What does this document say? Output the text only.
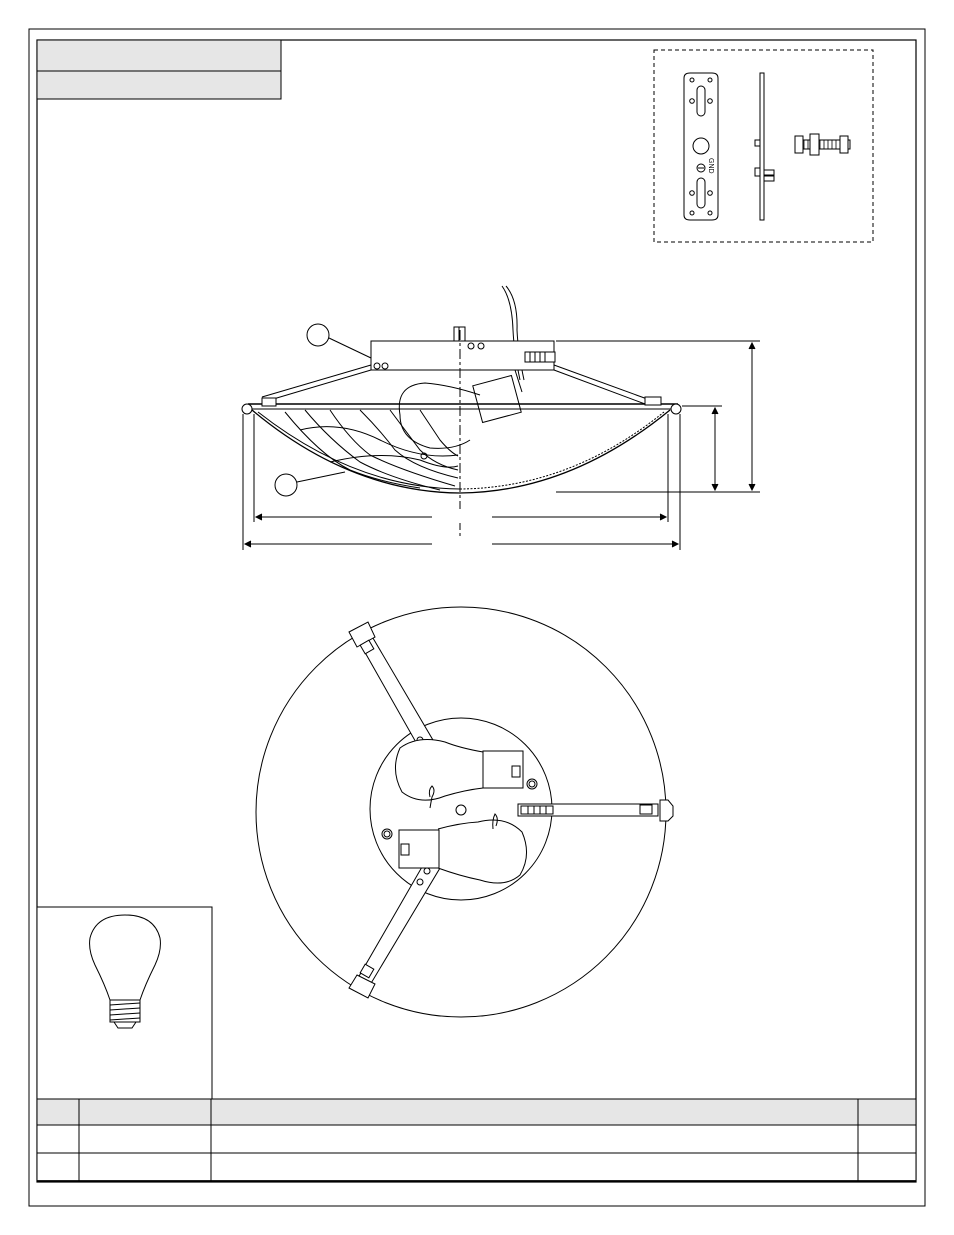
GND
